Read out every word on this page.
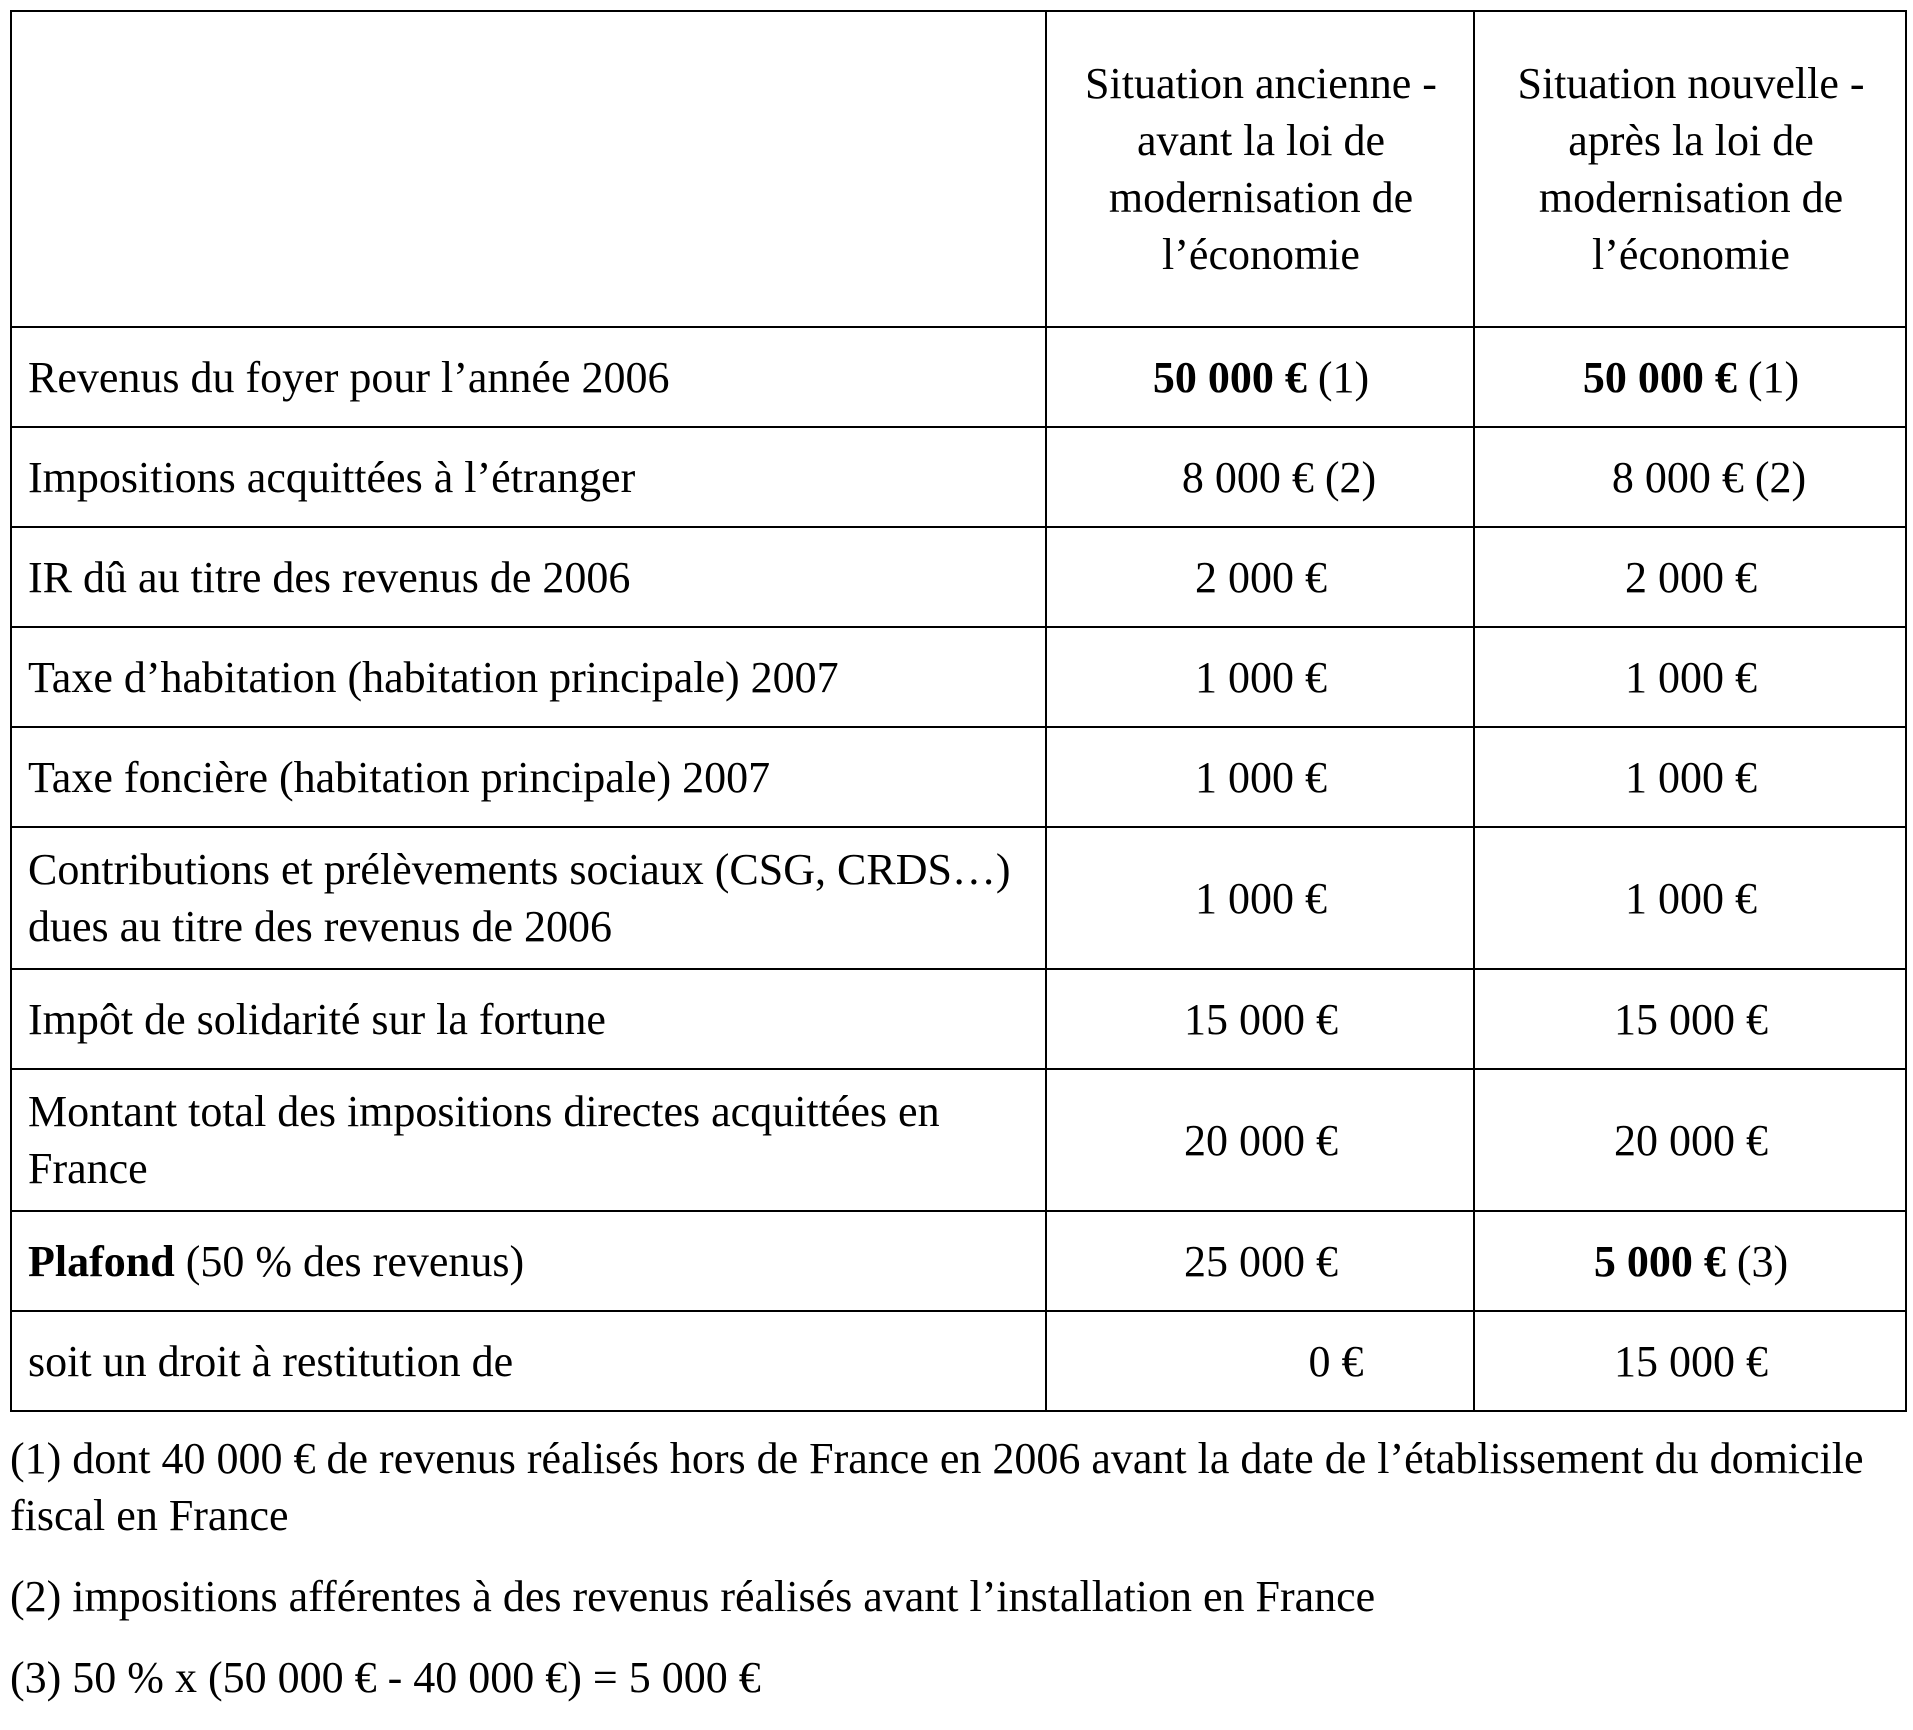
	Situation ancienne - avant la loi de modernisation de l’économie	Situation nouvelle - après la loi de modernisation de l’économie
Revenus du foyer pour l’année 2006	50 000 € (1)	50 000 € (1)
Impositions acquittées à l’étranger	8 000 € (2)	8 000 € (2)
IR dû au titre des revenus de 2006	2 000 €	2 000 €
Taxe d’habitation (habitation principale) 2007	1 000 €	1 000 €
Taxe foncière (habitation principale) 2007	1 000 €	1 000 €
Contributions et prélèvements sociaux (CSG, CRDS…) dues au titre des revenus de 2006	1 000 €	1 000 €
Impôt de solidarité sur la fortune	15 000 €	15 000 €
Montant total des impositions directes acquittées en France	20 000 €	20 000 €
Plafond (50 % des revenus)	25 000 €	5 000 € (3)
soit un droit à restitution de	0 €	15 000 €

(1) dont 40 000 € de revenus réalisés hors de France en 2006 avant la date de l’établissement du domicile fiscal en France

(2) impositions afférentes à des revenus réalisés avant l’installation en France

(3) 50 % x (50 000 € - 40 000 €) = 5 000 €
